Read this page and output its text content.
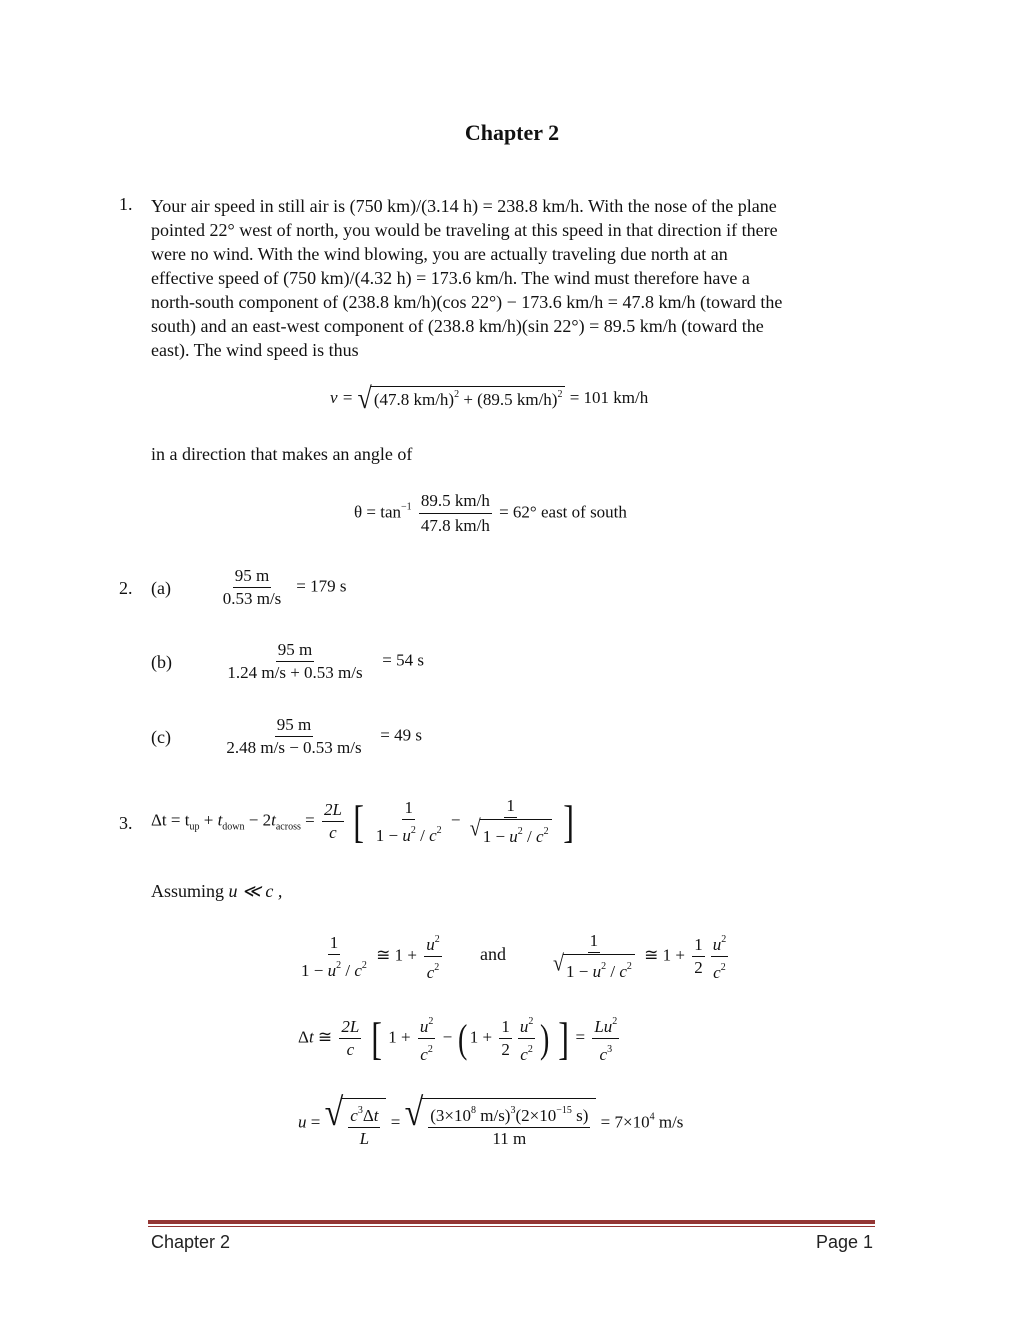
Chapter 2
1. Your air speed in still air is (750 km)/(3.14 h) = 238.8 km/h. With the nose of the plane
pointed 22° west of north, you would be traveling at this speed in that direction if there
were no wind. With the wind blowing, you are actually traveling due north at an
effective speed of (750 km)/(4.32 h) = 173.6 km/h. The wind must therefore have a
north-south component of (238.8 km/h)(cos 22°) − 173.6 km/h = 47.8 km/h (toward the
south) and an east-west component of (238.8 km/h)(sin 22°) = 89.5 km/h (toward the
east). The wind speed is thus
v = √ (47.8 km/h)$^2$ + (89.5 km/h)$^2$ = 101 km/h
in a direction that makes an angle of
$\theta = \tan^{-1} \frac{89.5 km/h}{47.8 km/h} = 62^\circ$ east of south
2. (a)	$\frac{95 m}{0.53 m/s} = 179$ s
(b)	$\frac{95 m}{1.24 m/s + 0.53 m/s} = 54$ s
(c)	$\frac{95 m}{2.48 m/s - 0.53 m/s} = 49$ s
3. $\Delta t = t_{up} + t_{down} - 2t_{across} = \frac{2L}{c}$ [ $\frac{1}{1 - u^2 / c^2} - \frac{1}{√ 1 - u^2 / c^2}$ ]
Assuming u ≪ c ,
$\frac{1}{1 - u^2 / c^2}$ ≅ $1 + \frac{u^2}{c^2}$ and	$\frac{1}{√ 1 - u^2 / c^2}$ ≅ $1 + \frac{1}{2} \frac{u^2}{c^2}$
Δt ≅ $\frac{2L}{c}$ [ $1 + \frac{u^2}{c^2}$ − ( $1 + \frac{1}{2} \frac{u^2}{c^2}$ ) ] = $\frac{Lu^2}{c^3}$
u = √ $\frac{c^3\Delta t}{L}$ = √ $\frac{(3\times 10^8 m/s)^3(2\times 10^{-15} s)}{11 m} = 7\times 10^4$ m/s
Chapter 2	Page 1
